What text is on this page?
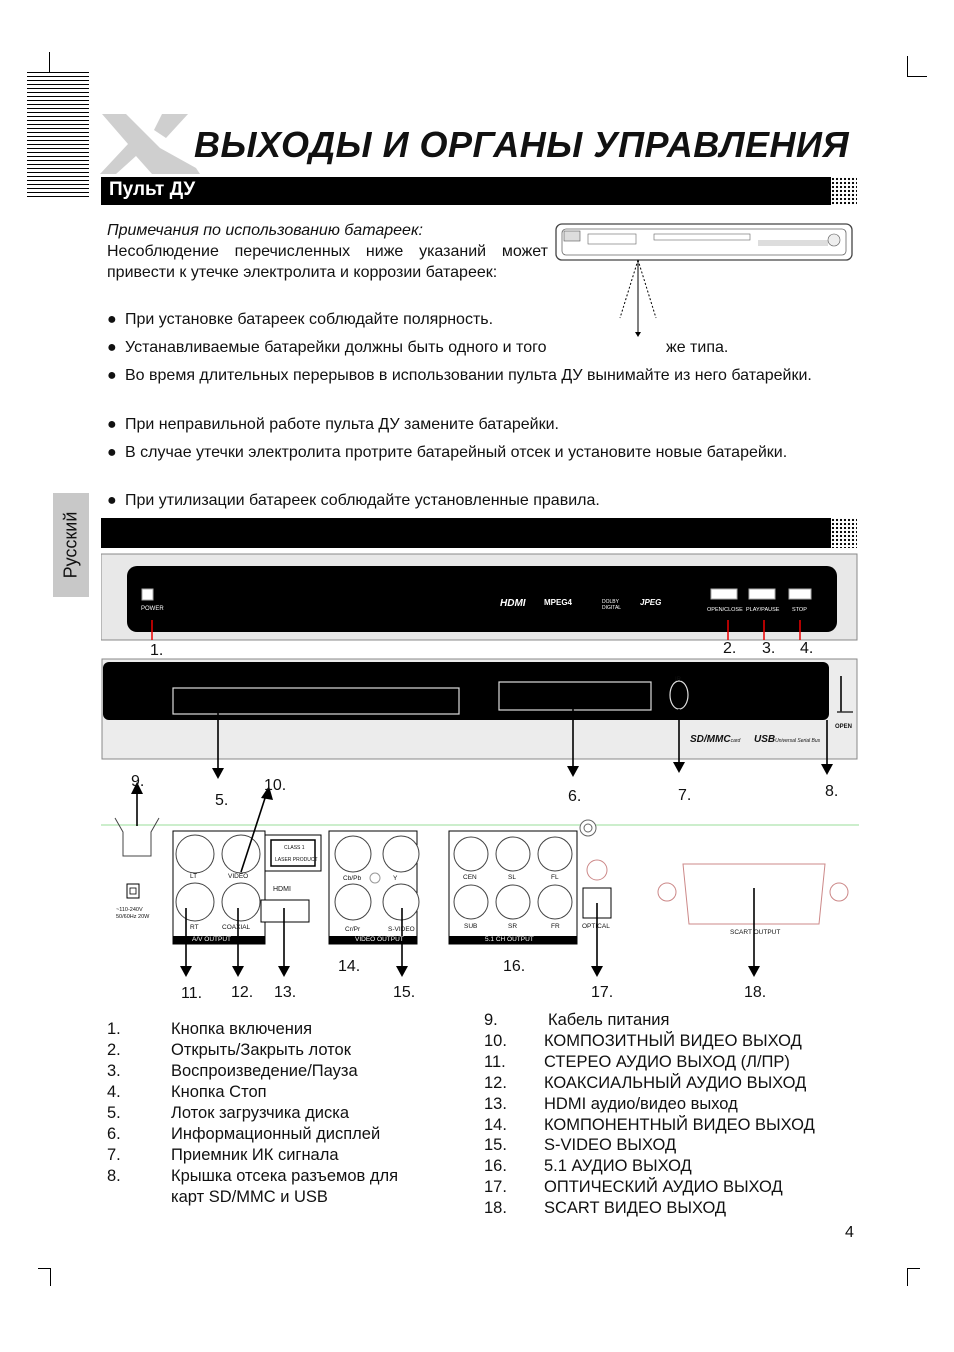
ВЫХОДЫ И ОРГАНЫ УПРАВЛЕНИЯ
Пульт ДУ
Примечания по использованию батареек:
Несоблюдение перечисленных ниже указаний может привести к утечке электролита и коррозии батареек:
● При установке батареек соблюдайте полярность.
● Устанавливаемые батарейки должны быть одного и того	же типа.
● Во время длительных перерывов в использовании пульта ДУ вынимайте из него батарейки.
● При неправильной работе пульта ДУ замените батарейки.
● В случае утечки электролита протрите батарейный отсек и установите новые батарейки.
● При утилизации батареек соблюдайте установленные правила.
Русский
POWER	HDMI MPEG4	DOLBY DIGITAL
JPEG
OPEN/CLOSE PLAY/PAUSE STOP
1.	2. 3. 4.
IR
OPEN
SD/MMCcard USBUniversal Serial Bus
~110-240V
50/60Hz 20W
LT	VIDEO
RT	COAXIAL
A/V OUTPUT
CLASS 1
LASER PRODUCT
HDMI
Cb/Pb	Y
Cr/Pr	S-VIDEO
VIDEO OUTPUT
CEN	SL	FL
SUB	SR	FR
5.1 CH OUTPUT
OPTICAL
SCART OUTPUT
5.	6.	7.	8.
9.	10.
11. 12. 13.
14.
15.
16.
17.	18.
1.	Кнопка включения
2.	Открыть/Закрыть лоток
3.	Воспроизведение/Пауза
4.	Кнопка Стоп
5.	Лоток загрузчика диска
6.	Информационный дисплей
7.	Приемник ИК сигнала
8.	Крышка отсека разъемов для
карт SD/MMC и USB
9.	Кабель питания
10. КОМПОЗИТНЫЙ ВИДЕО ВЫХОД
11. СТЕРЕО АУДИО ВЫХОД (Л/ПР)
12. КОАКСИАЛЬНЫЙ АУДИО ВЫХОД
13. HDMI аудио/видео выход
14. КОМПОНЕНТНЫЙ ВИДЕО ВЫХОД
15. S-VIDEO ВЫХОД
16. 5.1 АУДИО ВЫХОД
17. ОПТИЧЕСКИЙ АУДИО ВЫХОД
18. SCART ВИДЕО ВЫХОД
4
